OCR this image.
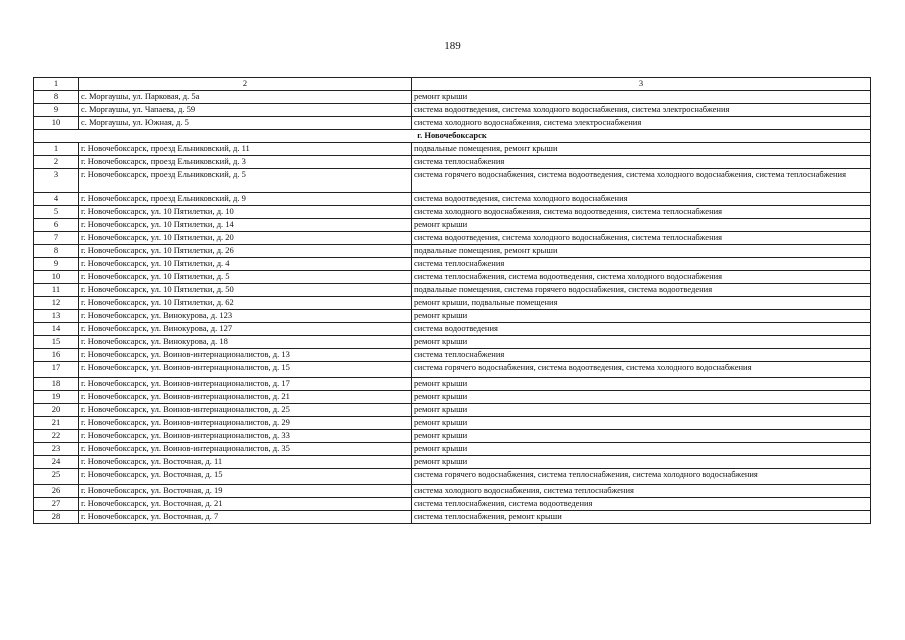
189
1	2	3
8	с. Моргаушы, ул. Парковая, д. 5а	ремонт крыши
9	с. Моргаушы, ул. Чапаева, д. 59	система водоотведения, система холодного водоснабжения, система электроснабжения
10	с. Моргаушы, ул. Южная, д. 5	система холодного водоснабжения, система электроснабжения
г. Новочебоксарск		
1	г. Новочебоксарск, проезд Ельниковский, д. 11	подвальные помещения, ремонт крыши
2	г. Новочебоксарск, проезд Ельниковский, д. 3	система теплоснабжения
3	г. Новочебоксарск, проезд Ельниковский, д. 5	система горячего водоснабжения, система водоотведения, система холодного водоснабжения, система теплоснабжения
4	г. Новочебоксарск, проезд Ельниковский, д. 9	система водоотведения, система холодного водоснабжения
5	г. Новочебоксарск, ул. 10 Пятилетки, д. 10	система холодного водоснабжения, система водоотведения, система теплоснабжения
6	г. Новочебоксарск, ул. 10 Пятилетки, д. 14	ремонт крыши
7	г. Новочебоксарск, ул. 10 Пятилетки, д. 20	система водоотведения, система холодного водоснабжения, система теплоснабжения
8	г. Новочебоксарск, ул. 10 Пятилетки, д. 26	подвальные помещения, ремонт крыши
9	г. Новочебоксарск, ул. 10 Пятилетки, д. 4	система теплоснабжения
10	г. Новочебоксарск, ул. 10 Пятилетки, д. 5	система теплоснабжения, система водоотведения, система холодного водоснабжения
11	г. Новочебоксарск, ул. 10 Пятилетки, д. 50	подвальные помещения, система горячего водоснабжения, система водоотведения
12	г. Новочебоксарск, ул. 10 Пятилетки, д. 62	ремонт крыши, подвальные помещения
13	г. Новочебоксарск, ул. Винокурова, д. 123	ремонт крыши
14	г. Новочебоксарск, ул. Винокурова, д. 127	система водоотведения
15	г. Новочебоксарск, ул. Винокурова, д. 18	ремонт крыши
16	г. Новочебоксарск, ул. Воинов-интернационалистов, д. 13	система теплоснабжения
17	г. Новочебоксарск, ул. Воинов-интернационалистов, д. 15	система горячего водоснабжения, система водоотведения, система холодного водоснабжения
18	г. Новочебоксарск, ул. Воинов-интернационалистов, д. 17	ремонт крыши
19	г. Новочебоксарск, ул. Воинов-интернационалистов, д. 21	ремонт крыши
20	г. Новочебоксарск, ул. Воинов-интернационалистов, д. 25	ремонт крыши
21	г. Новочебоксарск, ул. Воинов-интернационалистов, д. 29	ремонт крыши
22	г. Новочебоксарск, ул. Воинов-интернационалистов, д. 33	ремонт крыши
23	г. Новочебоксарск, ул. Воинов-интернационалистов, д. 35	ремонт крыши
24	г. Новочебоксарск, ул. Восточная, д. 11	ремонт крыши
25	г. Новочебоксарск, ул. Восточная, д. 15	система горячего водоснабжения, система теплоснабжения, система холодного водоснабжения
26	г. Новочебоксарск, ул. Восточная, д. 19	система холодного водоснабжения, система теплоснабжения
27	г. Новочебоксарск, ул. Восточная, д. 21	система теплоснабжения, система водоотведения
28	г. Новочебоксарск, ул. Восточная, д. 7	система теплоснабжения, ремонт крыши
